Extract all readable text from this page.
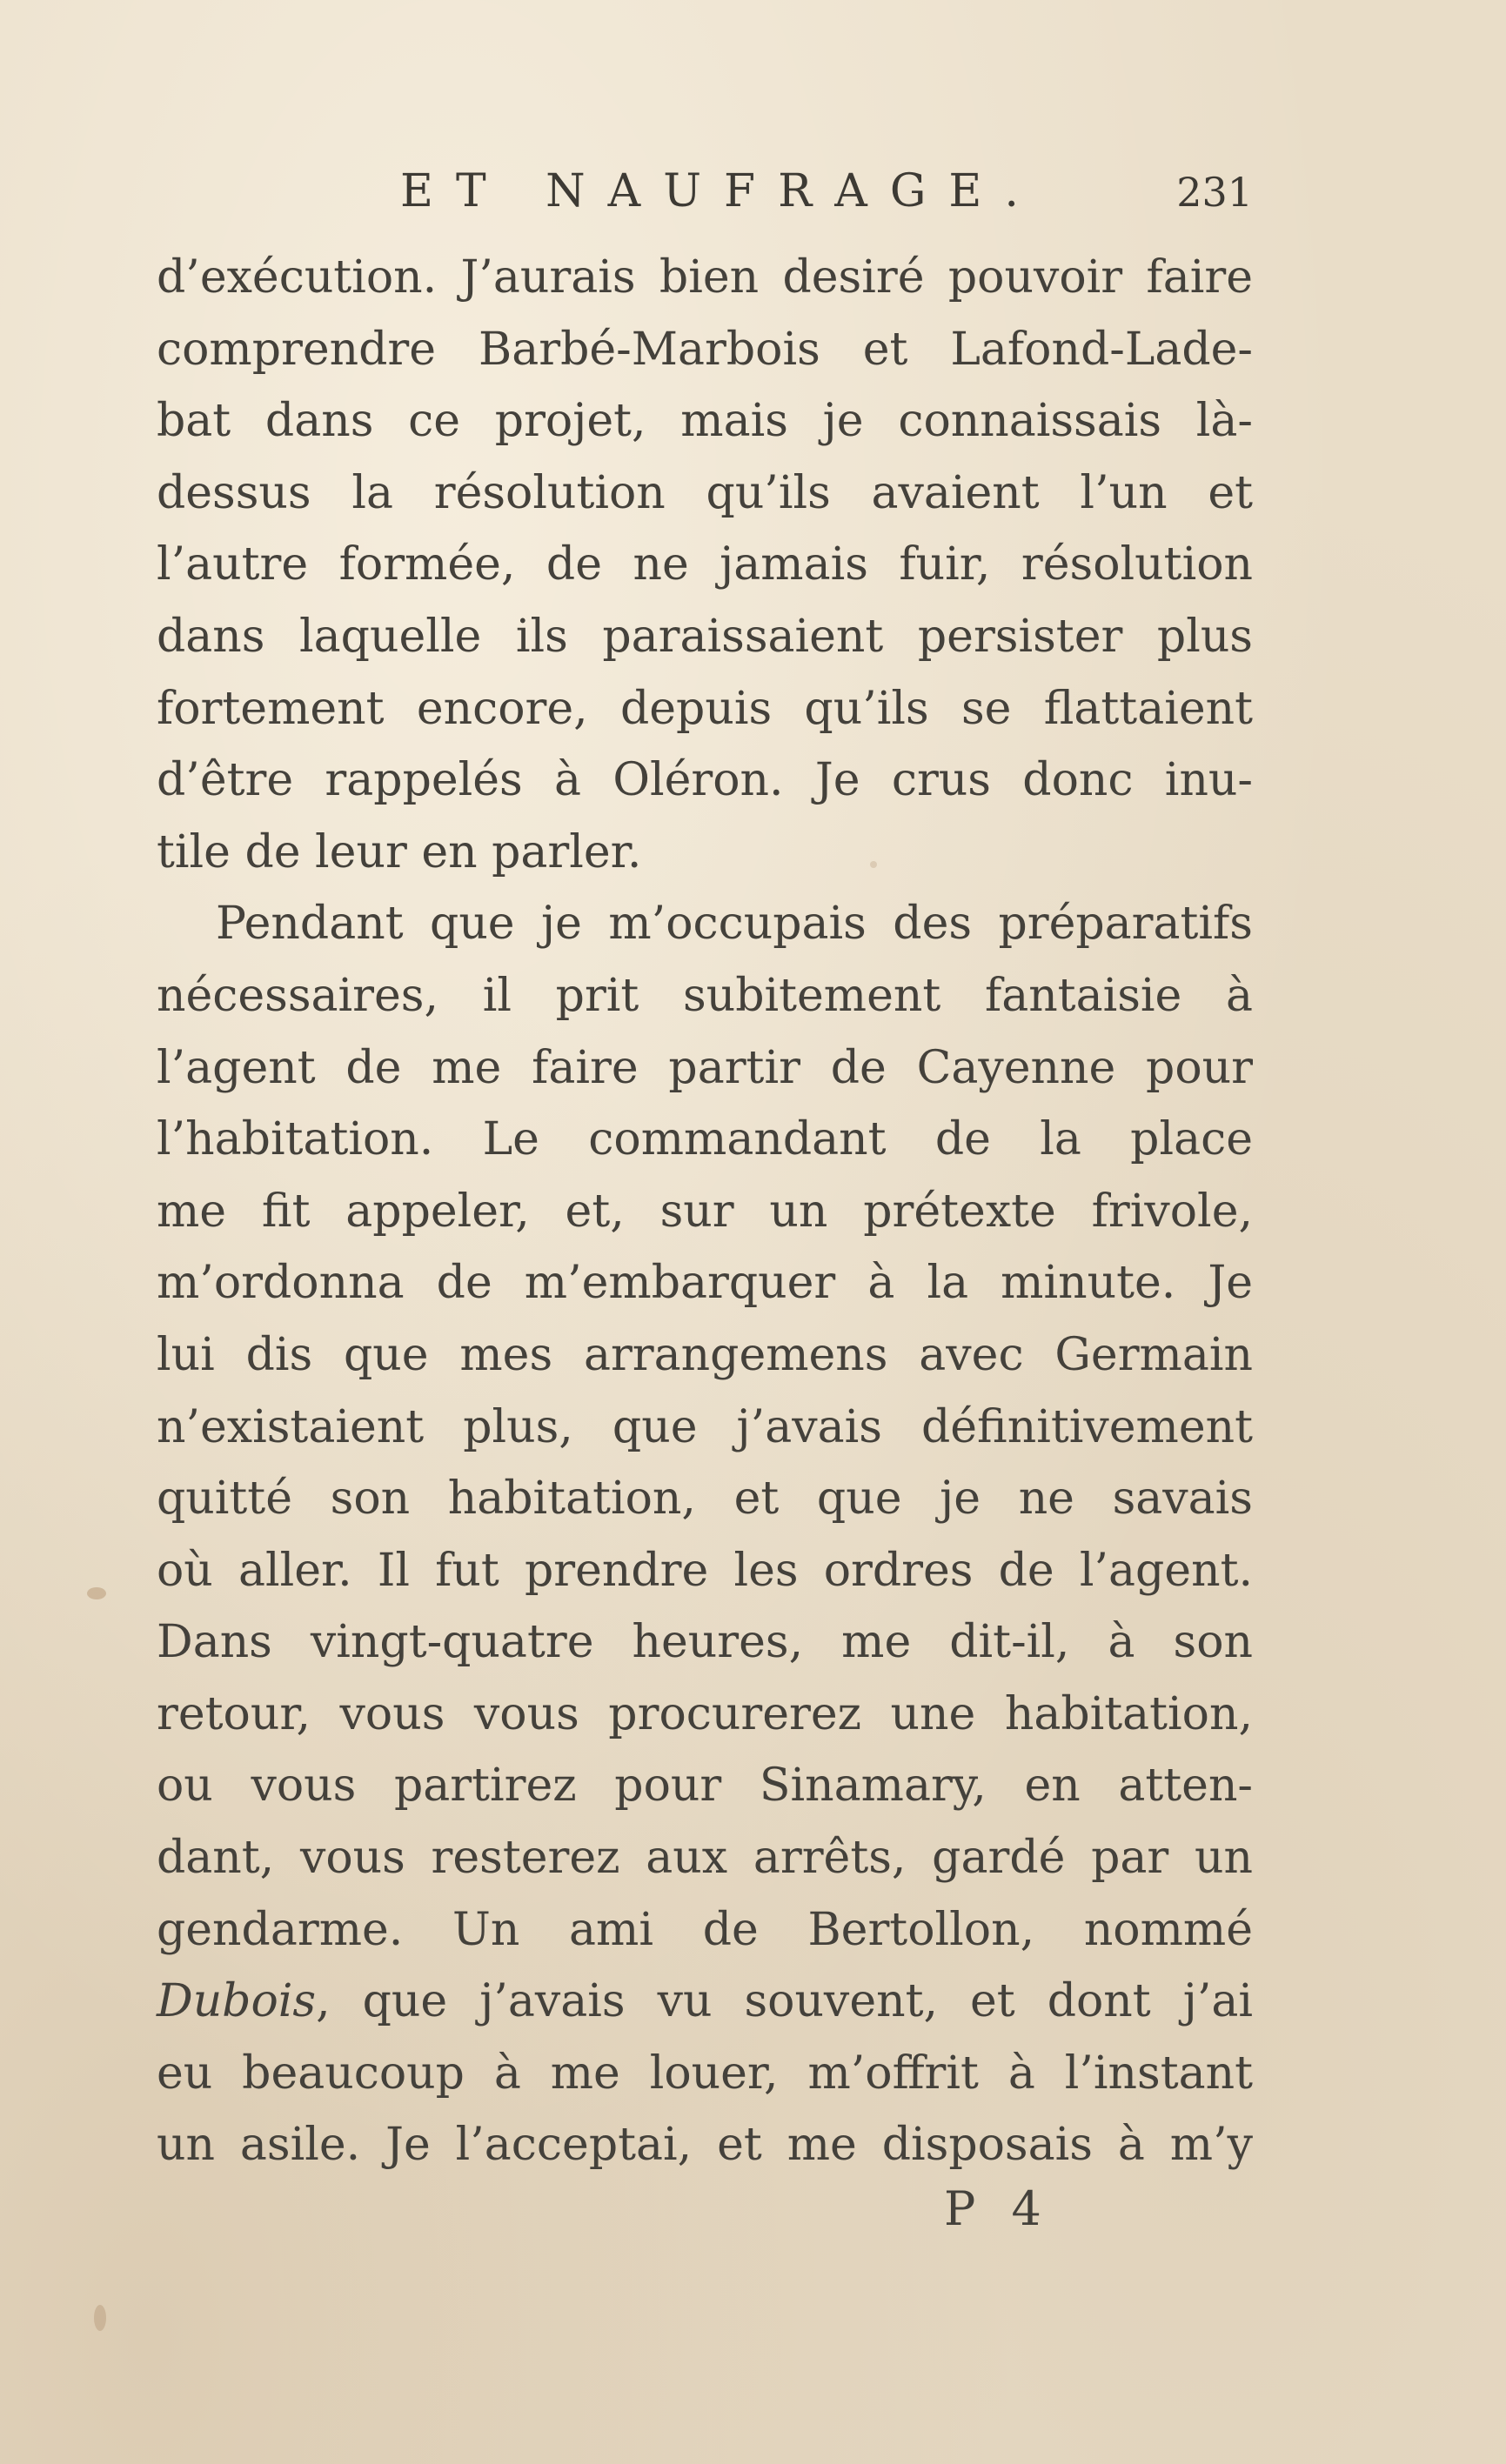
ET NAUFRAGE.	231
d’exécution. J’aurais bien desiré pouvoir faire
comprendre Barbé-Marbois et Lafond-Lade-
bat dans ce projet, mais je connaissais là-
dessus la résolution qu’ils avaient l’un et
l’autre formée, de ne jamais fuir, résolution
dans laquelle ils paraissaient persister plus
fortement encore, depuis qu’ils se flattaient
d’être rappelés à Oléron. Je crus donc inu-
tile de leur en parler.
Pendant que je m’occupais des préparatifs
nécessaires, il prit subitement fantaisie à
l’agent de me faire partir de Cayenne pour
l’habitation. Le commandant de la place
me fit appeler, et, sur un prétexte frivole,
m’ordonna de m’embarquer à la minute. Je
lui dis que mes arrangemens avec Germain
n’existaient plus, que j’avais définitivement
quitté son habitation, et que je ne savais
où aller. Il fut prendre les ordres de l’agent.
Dans vingt-quatre heures, me dit-il, à son
retour, vous vous procurerez une habitation,
ou vous partirez pour Sinamary, en atten-
dant, vous resterez aux arrêts, gardé par un
gendarme. Un ami de Bertollon, nommé
Dubois, que j’avais vu souvent, et dont j’ai
eu beaucoup à me louer, m’offrit à l’instant
un asile. Je l’acceptai, et me disposais à m’y
P 4
